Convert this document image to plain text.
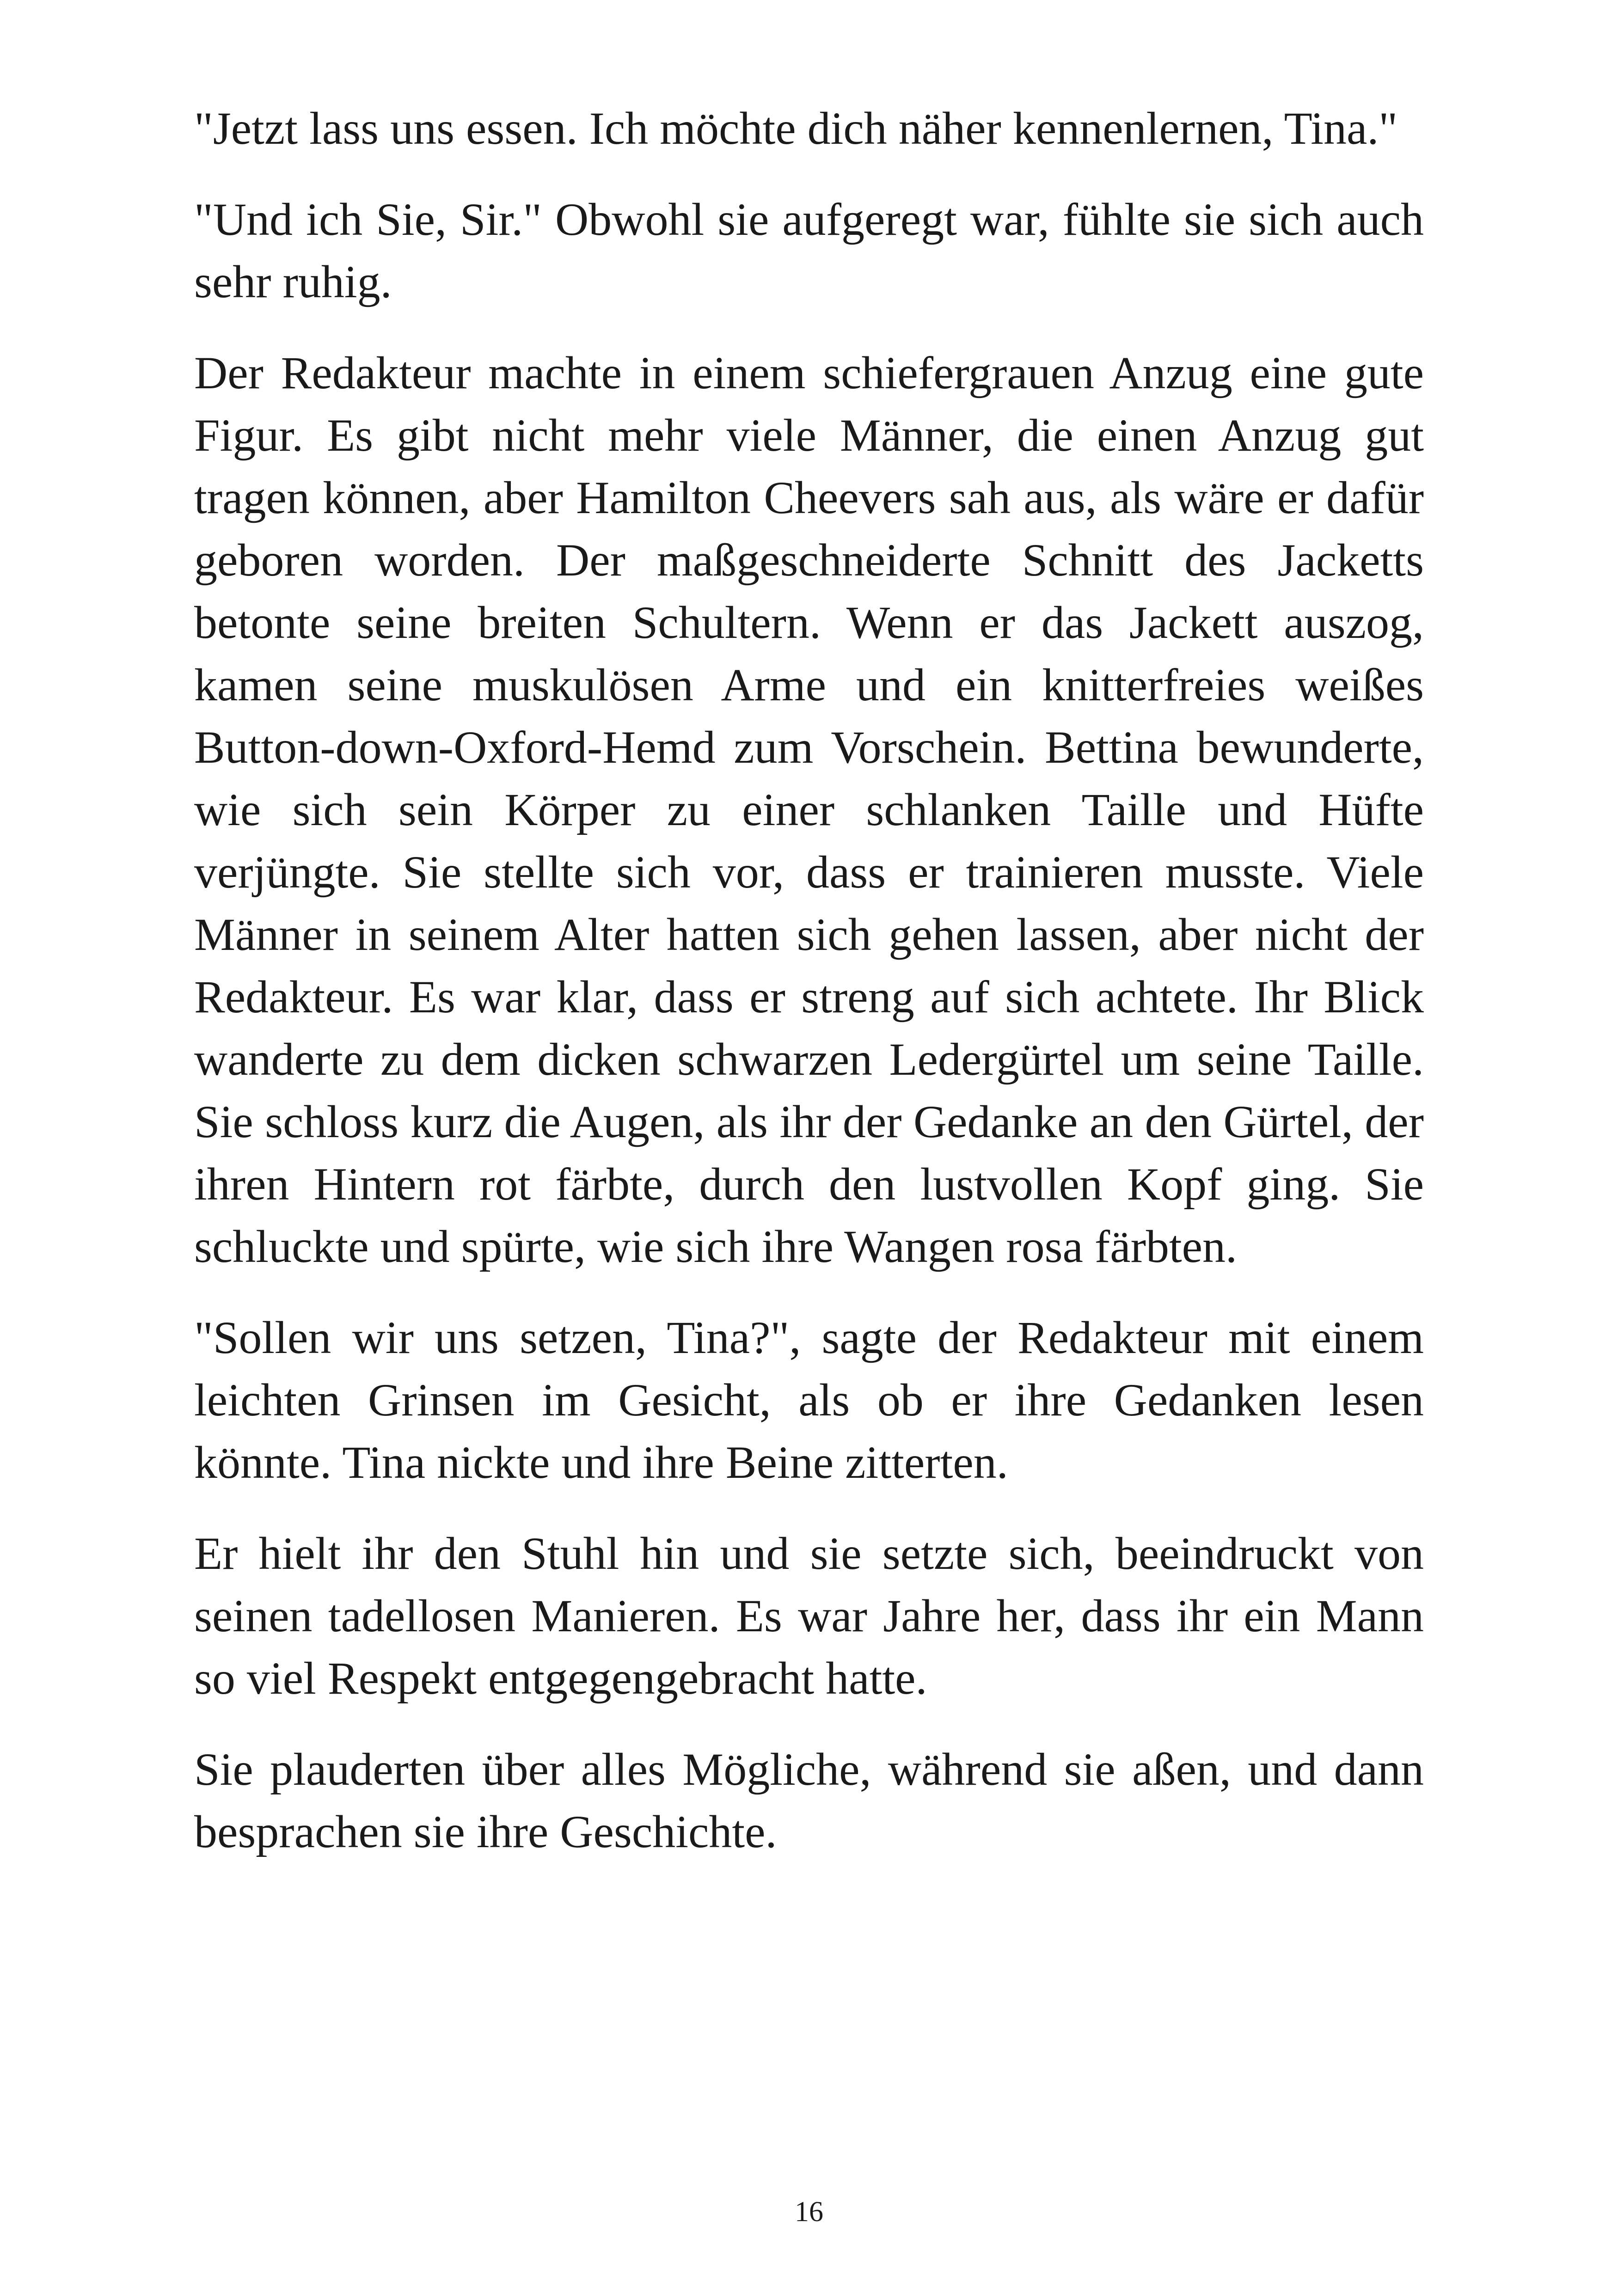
"Jetzt lass uns essen. Ich möchte dich näher kennenlernen, Tina."

"Und ich Sie, Sir." Obwohl sie aufgeregt war, fühlte sie sich auch sehr ruhig.

Der Redakteur machte in einem schiefergrauen Anzug eine gute Figur. Es gibt nicht mehr viele Männer, die einen Anzug gut tragen können, aber Hamilton Cheevers sah aus, als wäre er dafür geboren worden. Der maßgeschneiderte Schnitt des Jacketts betonte seine breiten Schultern. Wenn er das Jackett auszog, kamen seine muskulösen Arme und ein knitterfreies weißes Button-down-Oxford-Hemd zum Vorschein. Bettina bewunderte, wie sich sein Körper zu einer schlanken Taille und Hüfte verjüngte. Sie stellte sich vor, dass er trainieren musste. Viele Männer in seinem Alter hatten sich gehen lassen, aber nicht der Redakteur. Es war klar, dass er streng auf sich achtete. Ihr Blick wanderte zu dem dicken schwarzen Ledergürtel um seine Taille. Sie schloss kurz die Augen, als ihr der Gedanke an den Gürtel, der ihren Hintern rot färbte, durch den lustvollen Kopf ging. Sie schluckte und spürte, wie sich ihre Wangen rosa färbten.

"Sollen wir uns setzen, Tina?", sagte der Redakteur mit einem leichten Grinsen im Gesicht, als ob er ihre Gedanken lesen könnte. Tina nickte und ihre Beine zitterten.

Er hielt ihr den Stuhl hin und sie setzte sich, beeindruckt von seinen tadellosen Manieren. Es war Jahre her, dass ihr ein Mann so viel Respekt entgegengebracht hatte.

Sie plauderten über alles Mögliche, während sie aßen, und dann besprachen sie ihre Geschichte.

16
